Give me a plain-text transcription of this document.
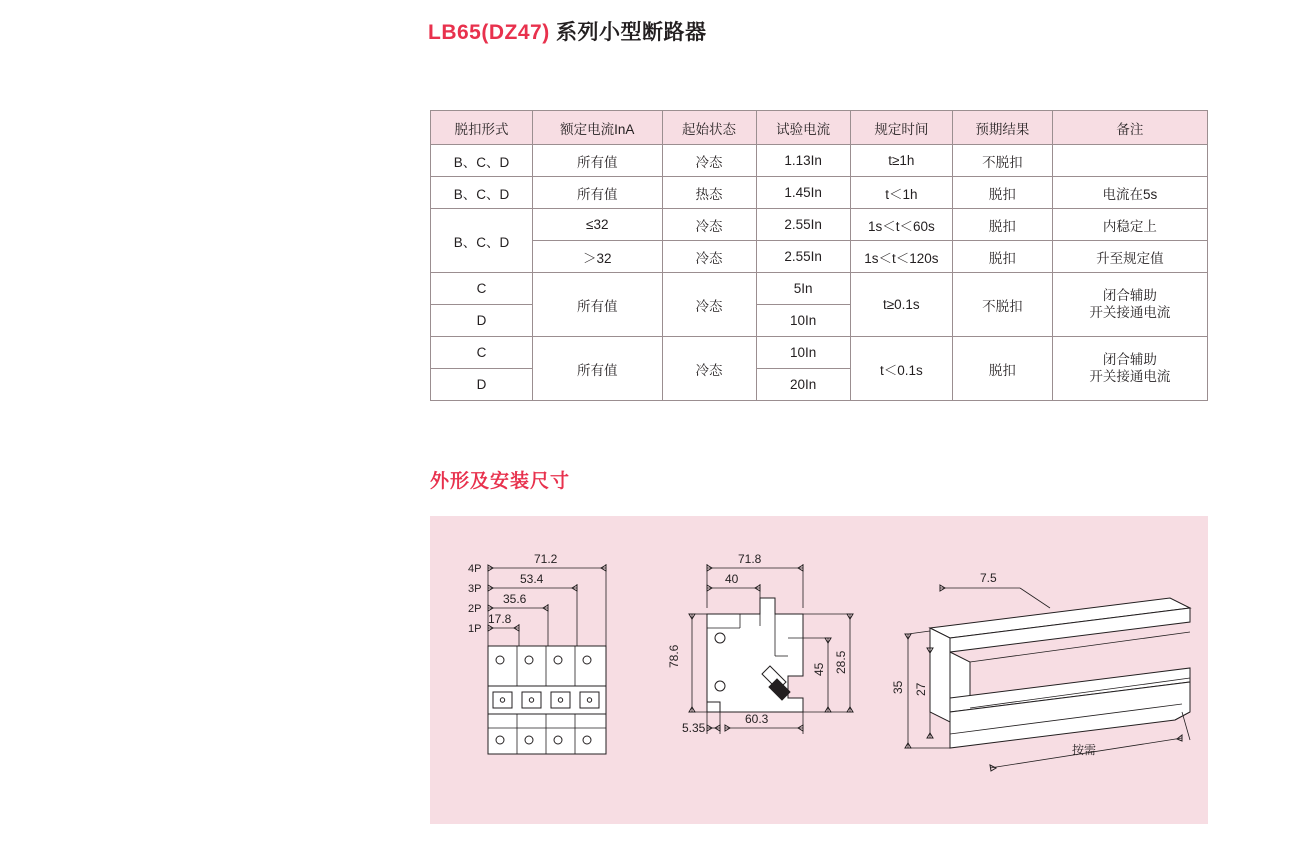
LB65(DZ47) 系列小型断路器
脱扣形式	额定电流InA	起始状态	试验电流	规定时间	预期结果	备注
B、C、D	所有值	冷态	1.13In	t≥1h	不脱扣	
B、C、D	所有值	热态	1.45In	t＜1h	脱扣	电流在5s
B、C、D	≤32	冷态	2.55In	1s＜t＜60s	脱扣	内稳定上
	＞32	冷态	2.55In	1s＜t＜120s	脱扣	升至规定值
C	所有值	冷态	5In	t≥0.1s	不脱扣	闭合辅助
开关接通电流

D			10In			
C	所有值	冷态	10In	t＜0.1s	脱扣	闭合辅助
开关接通电流

D			20In			
外形及安装尺寸
4P
3P
2P
1P
71.2
53.4
35.6
17.8
71.8
40
78.6
45 28.5
5.35
60.3
7.5
35 27
按需
